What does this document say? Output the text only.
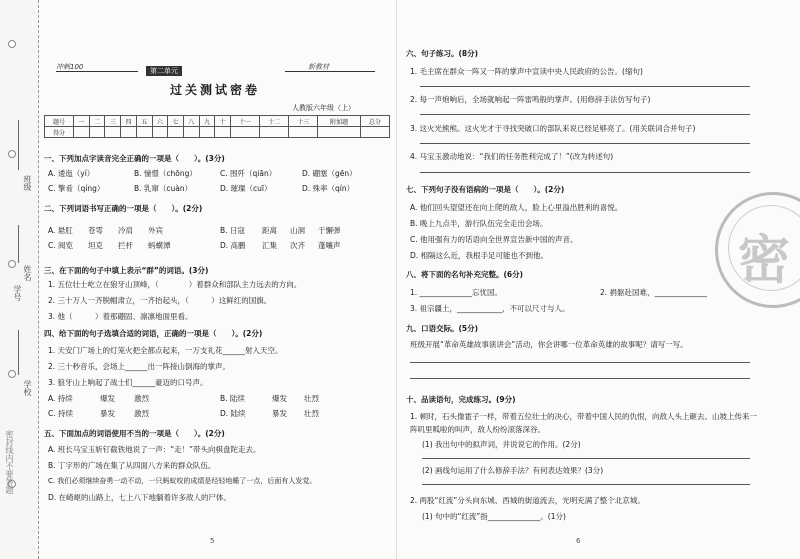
班级
姓名
学号
学校
密封线内不要答题
冲刺100	第二单元	新教材
过关测试密卷
人教版六年级（上）
题号	一	二	三	四	五	六	七	八	九	十	十一	十二	十三	附加题	总分
得分															
一、下列加点字读音完全正确的一项是（　　）。(3分)
A. 逶迤（yí）	B. 憧憬（chōng）	C. 围歼（qiān）	D. 硼塞（gēn）
C. 擎肴（qíng）	B. 乳窜（cuàn）	D. 璀璨（cuī）	D. 殊率（qín）
二、下列词语书写正确的一项是（　　）。(2分)
A. 悬肛 苍雩 冷肩 外宾	B. 日寇 距离 山洞 于懈弹
C. 阅览 坦克 拦杆 蚂蟥潭	D. 高鹏 汇集 次齐 蓬嚷声
三、在下面的句子中填上表示“群”的词语。(3分)
1. 五位壮士屹立在狼牙山顶峰，（　　　　）着群众和部队主力远去的方向。
2. 三十万人一齐脱帽肃立，一齐抬起头，（　　　）这鲜红的国旗。
3. 他（　　　）着那硼固、凛凛地面里看。
四、给下面的句子选填合适的词语，正确的一项是（　　）。(2分)
1. 天安门广场上的灯笼火把全都点起来，一万支礼花______射入天空。
2. 三十秒音乐，会场上______出一阵接山倒海的掌声。
3. 狼牙山上响起了战士们______豪迈的口号声。
A. 持续	爆发	激烈	B. 陆续	爆发 壮烈
C. 持续	暴发	激烈	D. 陆续	暴发 壮烈
五、下面加点的词语使用不当的一项是（　　）。(2分)
A. 班长马宝玉斩钉截铁地说了一声：“走！”带头向棋盘陀走去。
B. 丁字形的广场在集了从四面八方来的群众队伍。
C. 我们必须继续奋勇一动不动，一只蚂蚁咬的成绩是经轻地睡了一点，后面有人发觉。
D. 在崎岖的山路上，七上八下地躺着许多敌人的尸体。
5
六、句子练习。(8分)
1. 毛主席在群众一阵又一阵的掌声中宣读中央人民政府的公告。(缩句)
2. 每一声炮响后，全场就响起一阵雷鸣般的掌声。(用修辞手法仿写句子)
3. 这火光熊熊。这火光才于寻找突破口的部队来说已经足够亮了。(用关联词合并句子)
4. 马宝玉激动地说：“我们的任务胜利完成了！”(改为转述句)
七、下列句子没有语病的一项是（　　）。(2分)
A. 他们回头望望还在向上爬的敌人，脸上心里溢出胜利的喜悦。
B. 晚上九点半，游行队伍完全走出会场。
C. 他用强有力的话语向全世界宣告新中国的声音。
D. 相隔这么近，我根手足可能也不到他。
八、将下面的名句补充完整。(6分)
1. ______________忘忧国。	2. 捐躯赴国难，______________
3. 祖宗疆土，____________，不可以尺寸与人。
九、口语交际。(5分)
班级开展“革命英雄故事演讲会”活动，你会讲哪一位革命英雄的故事呢？请写一写。
十、品读语句，完成练习。(9分)
1. 顿时，石头像雹子一样，带着五位壮士的决心，带着中国人民的仇恨，向敌人头上砸去。山坡上传来一阵叽里呱啦的叫声，敌人纷纷滚落深谷。
(1) 我出句中的拟声词，并说说它的作用。(2分)
(2) 画线句运用了什么修辞手法？有何表达效果？(3分)
2. 两股“红流”分头向东城、西城的街道流去，光明充满了整个北京城。
(1) 句中的“红流”指______________。(1分)
6
密
